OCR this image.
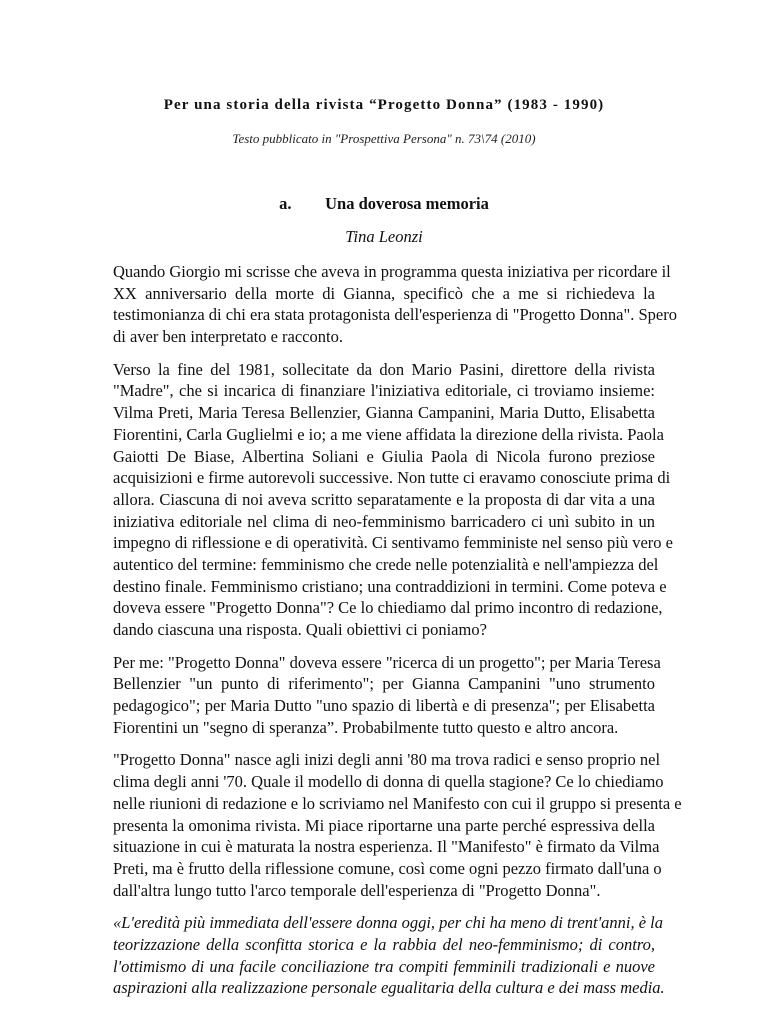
Per una storia della rivista “Progetto Donna” (1983 - 1990)
Testo pubblicato in "Prospettiva Persona" n. 73\74 (2010)
a. Una doverosa memoria
Tina Leonzi
Quando Giorgio mi scrisse che aveva in programma questa iniziativa per ricordare il
XX anniversario della morte di Gianna, specificò che a me si richiedeva la
testimonianza di chi era stata protagonista dell'esperienza di "Progetto Donna". Spero
di aver ben interpretato e racconto.
Verso la fine del 1981, sollecitate da don Mario Pasini, direttore della rivista
"Madre", che si incarica di finanziare l'iniziativa editoriale, ci troviamo insieme:
Vilma Preti, Maria Teresa Bellenzier, Gianna Campanini, Maria Dutto, Elisabetta
Fiorentini, Carla Guglielmi e io; a me viene affidata la direzione della rivista. Paola
Gaiotti De Biase, Albertina Soliani e Giulia Paola di Nicola furono preziose
acquisizioni e firme autorevoli successive. Non tutte ci eravamo conosciute prima di
allora. Ciascuna di noi aveva scritto separatamente e la proposta di dar vita a una
iniziativa editoriale nel clima di neo-femminismo barricadero ci unì subito in un
impegno di riflessione e di operatività. Ci sentivamo femministe nel senso più vero e
autentico del termine: femminismo che crede nelle potenzialità e nell'ampiezza del
destino finale. Femminismo cristiano; una contraddizioni in termini. Come poteva e
doveva essere "Progetto Donna"? Ce lo chiediamo dal primo incontro di redazione,
dando ciascuna una risposta. Quali obiettivi ci poniamo?
Per me: "Progetto Donna" doveva essere "ricerca di un progetto"; per Maria Teresa
Bellenzier "un punto di riferimento"; per Gianna Campanini "uno strumento
pedagogico"; per Maria Dutto "uno spazio di libertà e di presenza"; per Elisabetta
Fiorentini un "segno di speranza”. Probabilmente tutto questo e altro ancora.
"Progetto Donna" nasce agli inizi degli anni '80 ma trova radici e senso proprio nel
clima degli anni '70. Quale il modello di donna di quella stagione? Ce lo chiediamo
nelle riunioni di redazione e lo scriviamo nel Manifesto con cui il gruppo si presenta e
presenta la omonima rivista. Mi piace riportarne una parte perché espressiva della
situazione in cui è maturata la nostra esperienza. Il "Manifesto" è firmato da Vilma
Preti, ma è frutto della riflessione comune, così come ogni pezzo firmato dall'una o
dall'altra lungo tutto l'arco temporale dell'esperienza di "Progetto Donna".
«L'eredità più immediata dell'essere donna oggi, per chi ha meno di trent'anni, è la
teorizzazione della sconfitta storica e la rabbia del neo-femminismo; di contro,
l'ottimismo di una facile conciliazione tra compiti femminili tradizionali e nuove
aspirazioni alla realizzazione personale egualitaria della cultura e dei mass media.
